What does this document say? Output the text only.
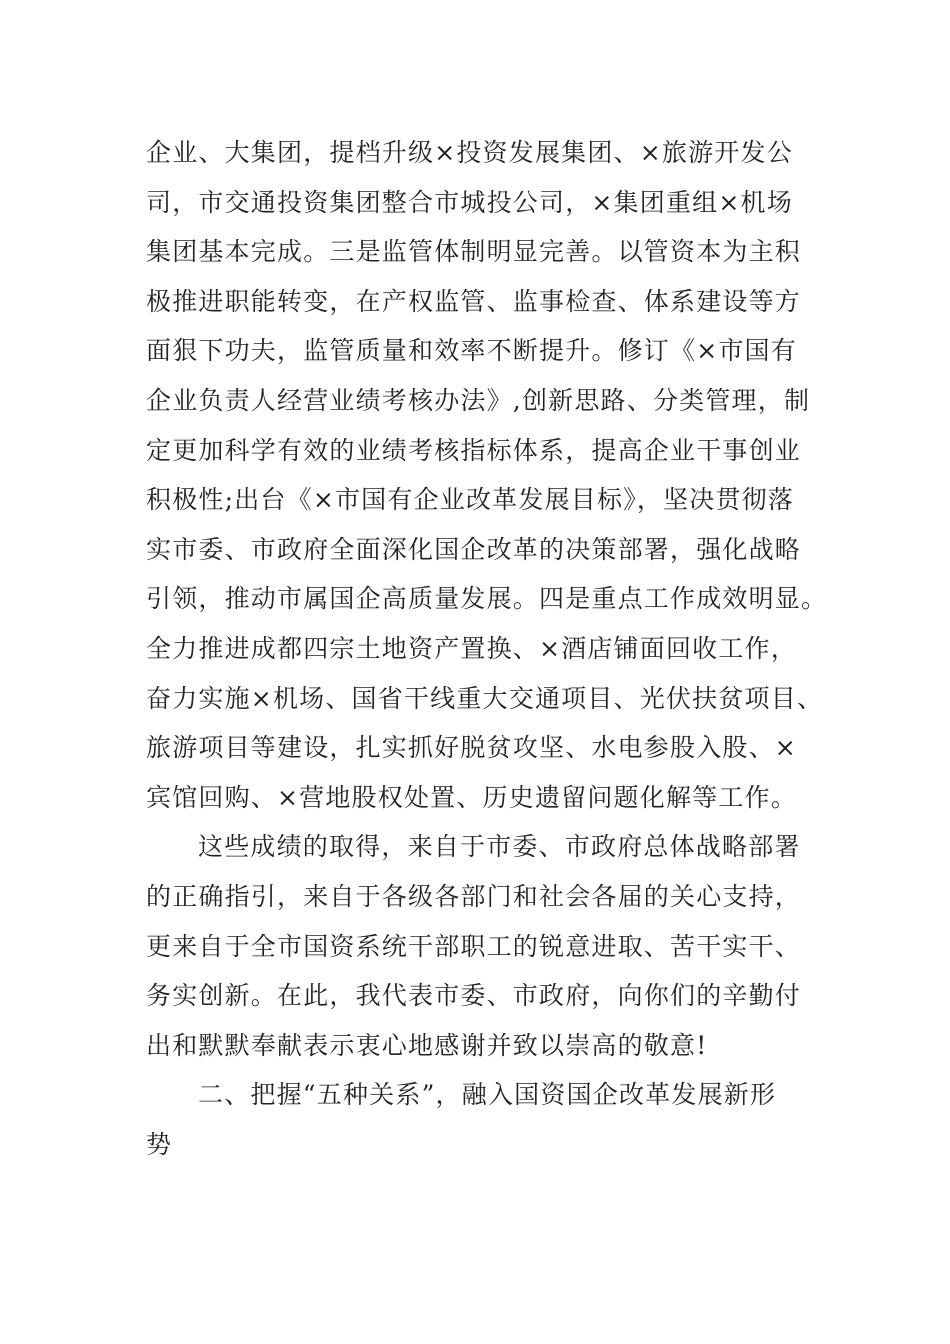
企业、大集团，提档升级×投资发展集团、×旅游开发公
司，市交通投资集团整合市城投公司，×集团重组×机场
集团基本完成。三是监管体制明显完善。以管资本为主积
极推进职能转变，在产权监管、监事检查、体系建设等方
面狠下功夫，监管质量和效率不断提升。修订《×市国有
企业负责人经营业绩考核办法》,创新思路、分类管理，制
定更加科学有效的业绩考核指标体系，提高企业干事创业
积极性;出台《×市国有企业改革发展目标》，坚决贯彻落
实市委、市政府全面深化国企改革的决策部署，强化战略
引领，推动市属国企高质量发展。四是重点工作成效明显。
全力推进成都四宗土地资产置换、×酒店铺面回收工作，
奋力实施×机场、国省干线重大交通项目、光伏扶贫项目、
旅游项目等建设，扎实抓好脱贫攻坚、水电参股入股、×
宾馆回购、×营地股权处置、历史遗留问题化解等工作。
这些成绩的取得，来自于市委、市政府总体战略部署
的正确指引，来自于各级各部门和社会各届的关心支持，
更来自于全市国资系统干部职工的锐意进取、苦干实干、
务实创新。在此，我代表市委、市政府，向你们的辛勤付
出和默默奉献表示衷心地感谢并致以崇高的敬意!
二、把握“五种关系”，融入国资国企改革发展新形
势
